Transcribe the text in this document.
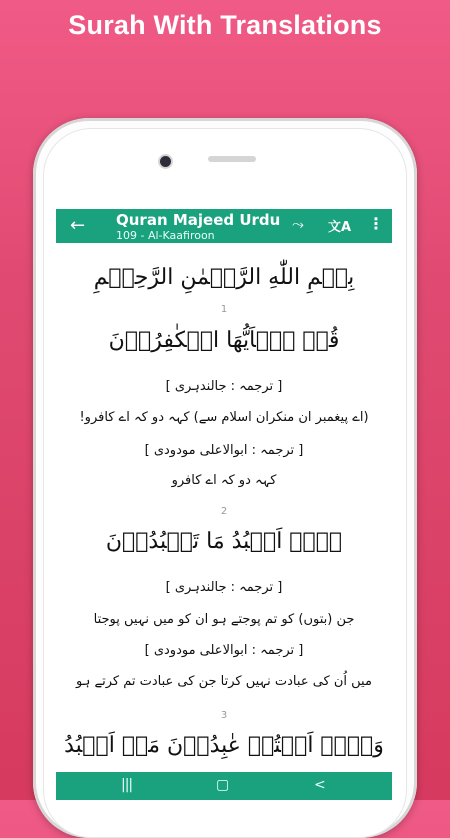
Surah With Translations
← Quran Majeed Urdu
109 - Al-Kaafiroon
⤳ 文A ⋮
بِسۡمِ اللّٰهِ الرَّحۡمٰنِ الرَّحِيۡمِ
1
قُلۡ يٰۤاَيُّهَا الۡكٰفِرُوۡنَ
[ ترجمہ : جالندہری ]
(اے پیغمبر ان منکران اسلام سے) کہہ دو کہ اے کافرو!
[ ترجمہ : ابوالاعلی مودودی ]
کہہ دو کہ اے کافرو
2
لَاۤ اَعۡبُدُ مَا تَعۡبُدُوۡنَ
[ ترجمہ : جالندہری ]
جن (بتوں) کو تم پوجتے ہو ان کو میں نہیں پوجتا
[ ترجمہ : ابوالاعلی مودودی ]
میں اُن کی عبادت نہیں کرتا جن کی عبادت تم کرتے ہو
3
وَلَاۤ اَنۡتُمۡ عٰبِدُوۡنَ مَاۤ اَعۡبُدُ
|||	▢	<
